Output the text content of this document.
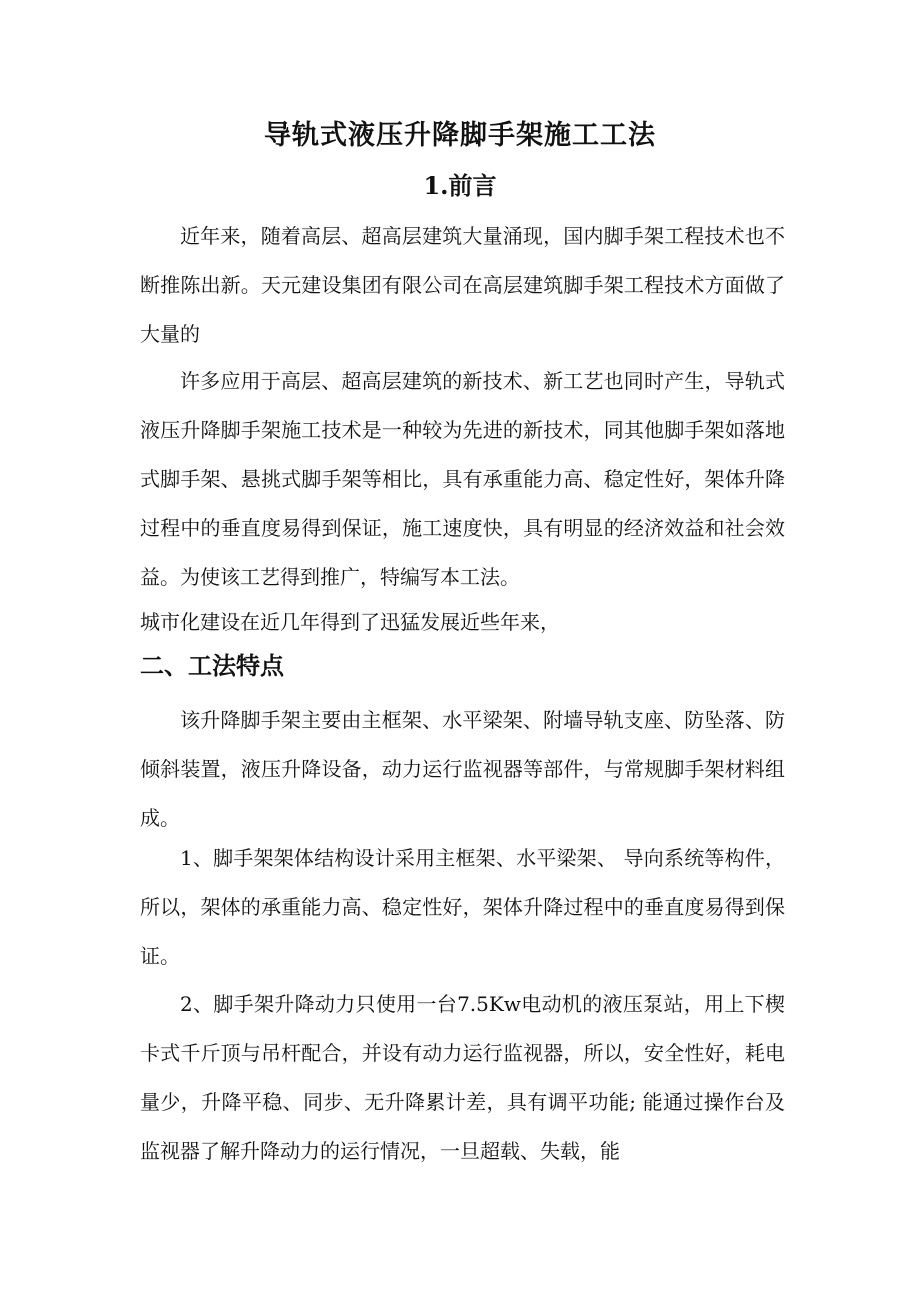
导轨式液压升降脚手架施工工法
1.前言

近年来，随着高层、超高层建筑大量涌现，国内脚手架工程技术也不断推陈出新。天元建设集团有限公司在高层建筑脚手架工程技术方面做了大量的

许多应用于高层、超高层建筑的新技术、新工艺也同时产生，导轨式液压升降脚手架施工技术是一种较为先进的新技术，同其他脚手架如落地式脚手架、悬挑式脚手架等相比，具有承重能力高、稳定性好，架体升降过程中的垂直度易得到保证，施工速度快，具有明显的经济效益和社会效益。为使该工艺得到推广，特编写本工法。

城市化建设在近几年得到了迅猛发展近些年来，

二、工法特点

该升降脚手架主要由主框架、水平梁架、附墙导轨支座、防坠落、防倾斜装置，液压升降设备，动力运行监视器等部件，与常规脚手架材料组成。

1、脚手架架体结构设计采用主框架、水平梁架、 导向系统等构件，所以，架体的承重能力高、稳定性好，架体升降过程中的垂直度易得到保证。

2、脚手架升降动力只使用一台7.5Kw电动机的液压泵站，用上下楔卡式千斤顶与吊杆配合，并设有动力运行监视器，所以，安全性好，耗电量少，升降平稳、同步、无升降累计差，具有调平功能; 能通过操作台及监视器了解升降动力的运行情况，一旦超载、失载，能
